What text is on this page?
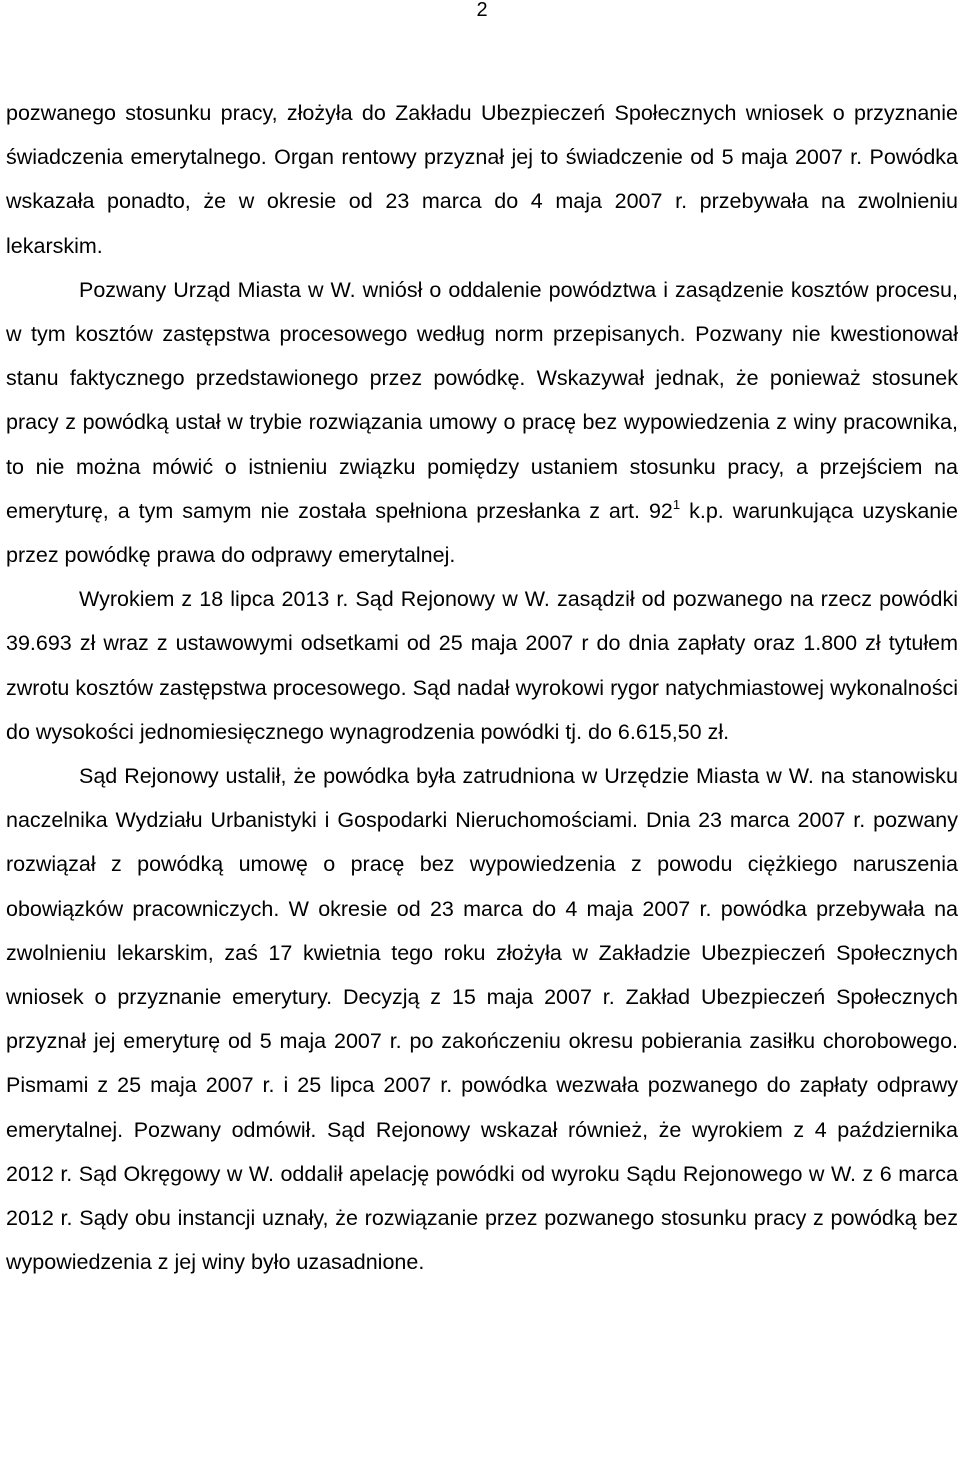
2

pozwanego stosunku pracy, złożyła do Zakładu Ubezpieczeń Społecznych wniosek o przyznanie świadczenia emerytalnego. Organ rentowy przyznał jej to świadczenie od 5 maja 2007 r. Powódka wskazała ponadto, że w okresie od 23 marca do 4 maja 2007 r. przebywała na zwolnieniu lekarskim.

Pozwany Urząd Miasta w W. wniósł o oddalenie powództwa i zasądzenie kosztów procesu, w tym kosztów zastępstwa procesowego według norm przepisanych. Pozwany nie kwestionował stanu faktycznego przedstawionego przez powódkę. Wskazywał jednak, że ponieważ stosunek pracy z powódką ustał w trybie rozwiązania umowy o pracę bez wypowiedzenia z winy pracownika, to nie można mówić o istnieniu związku pomiędzy ustaniem stosunku pracy, a przejściem na emeryturę, a tym samym nie została spełniona przesłanka z art. $92^1$ k.p. warunkująca uzyskanie przez powódkę prawa do odprawy emerytalnej.

Wyrokiem z 18 lipca 2013 r. Sąd Rejonowy w W. zasądził od pozwanego na rzecz powódki 39.693 zł wraz z ustawowymi odsetkami od 25 maja 2007 r do dnia zapłaty oraz 1.800 zł tytułem zwrotu kosztów zastępstwa procesowego. Sąd nadał wyrokowi rygor natychmiastowej wykonalności do wysokości jednomiesięcznego wynagrodzenia powódki tj. do 6.615,50 zł.

Sąd Rejonowy ustalił, że powódka była zatrudniona w Urzędzie Miasta w W. na stanowisku naczelnika Wydziału Urbanistyki i Gospodarki Nieruchomościami. Dnia 23 marca 2007 r. pozwany rozwiązał z powódką umowę o pracę bez wypowiedzenia z powodu ciężkiego naruszenia obowiązków pracowniczych. W okresie od 23 marca do 4 maja 2007 r. powódka przebywała na zwolnieniu lekarskim, zaś 17 kwietnia tego roku złożyła w Zakładzie Ubezpieczeń Społecznych wniosek o przyznanie emerytury. Decyzją z 15 maja 2007 r. Zakład Ubezpieczeń Społecznych przyznał jej emeryturę od 5 maja 2007 r. po zakończeniu okresu pobierania zasiłku chorobowego. Pismami z 25 maja 2007 r. i 25 lipca 2007 r. powódka wezwała pozwanego do zapłaty odprawy emerytalnej. Pozwany odmówił. Sąd Rejonowy wskazał również, że wyrokiem z 4 października 2012 r. Sąd Okręgowy w W. oddalił apelację powódki od wyroku Sądu Rejonowego w W. z 6 marca 2012 r. Sądy obu instancji uznały, że rozwiązanie przez pozwanego stosunku pracy z powódką bez wypowiedzenia z jej winy było uzasadnione.
